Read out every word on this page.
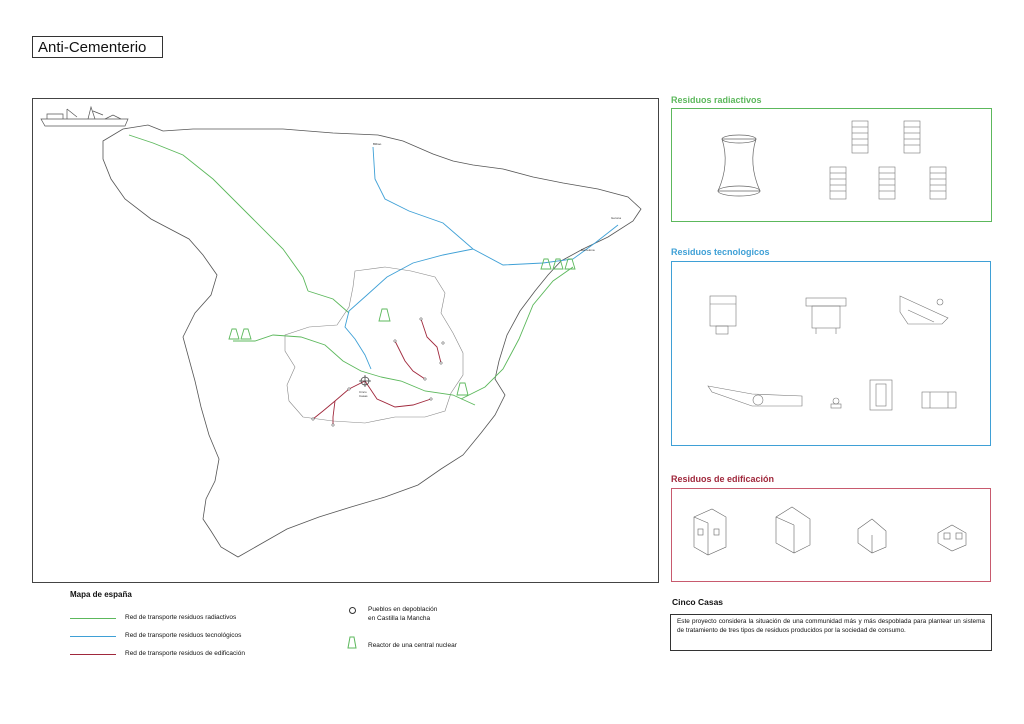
Anti-Cementerio
Bilbao
Barcelona
Gerona
Cinco
Casas
Residuos radiactivos
Residuos tecnologicos
Residuos de edificación
Mapa de españa
Red de transporte residuos radiactivos
Red de transporte residuos tecnológicos
Red de transporte residuos de edificación
Pueblos en depoblación
en Castilla la Mancha
Reactor de una central nuclear
Cinco Casas
Este proyecto considera la situación de una communidad más y más despoblada para plantear un sistema de tratamiento de tres tipos de residuos producidos por la sociedad de consumo.
